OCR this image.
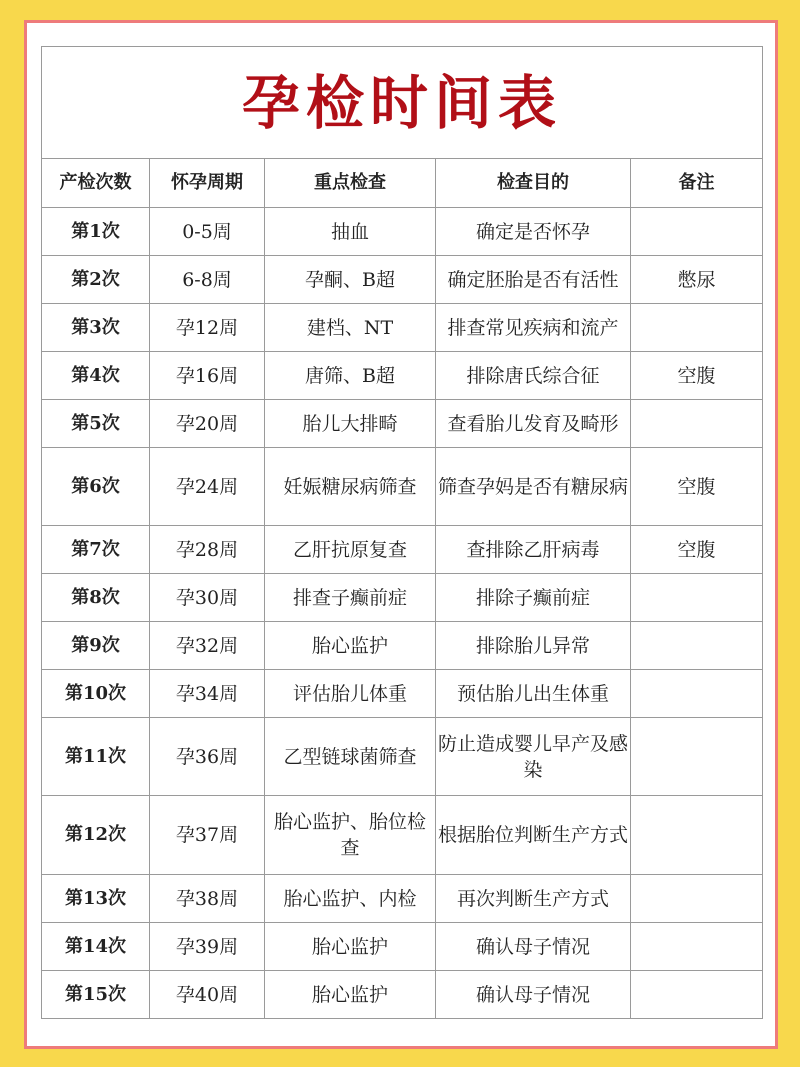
孕检时间表				
产检次数	怀孕周期	重点检查	检查目的	备注
第1次	0-5周	抽血	确定是否怀孕	
第2次	6-8周	孕酮、B超	确定胚胎是否有活性	憋尿
第3次	孕12周	建档、NT	排查常见疾病和流产	
第4次	孕16周	唐筛、B超	排除唐氏综合征	空腹
第5次	孕20周	胎儿大排畸	查看胎儿发育及畸形	
第6次	孕24周	妊娠糖尿病筛查	筛查孕妈是否有糖尿病	空腹
第7次	孕28周	乙肝抗原复查	查排除乙肝病毒	空腹
第8次	孕30周	排查子癫前症	排除子癫前症	
第9次	孕32周	胎心监护	排除胎儿异常	
第10次	孕34周	评估胎儿体重	预估胎儿出生体重	
第11次	孕36周	乙型链球菌筛查	防止造成婴儿早产及感染	
第12次	孕37周	胎心监护、胎位检查	根据胎位判断生产方式	
第13次	孕38周	胎心监护、内检	再次判断生产方式	
第14次	孕39周	胎心监护	确认母子情况	
第15次	孕40周	胎心监护	确认母子情况	
